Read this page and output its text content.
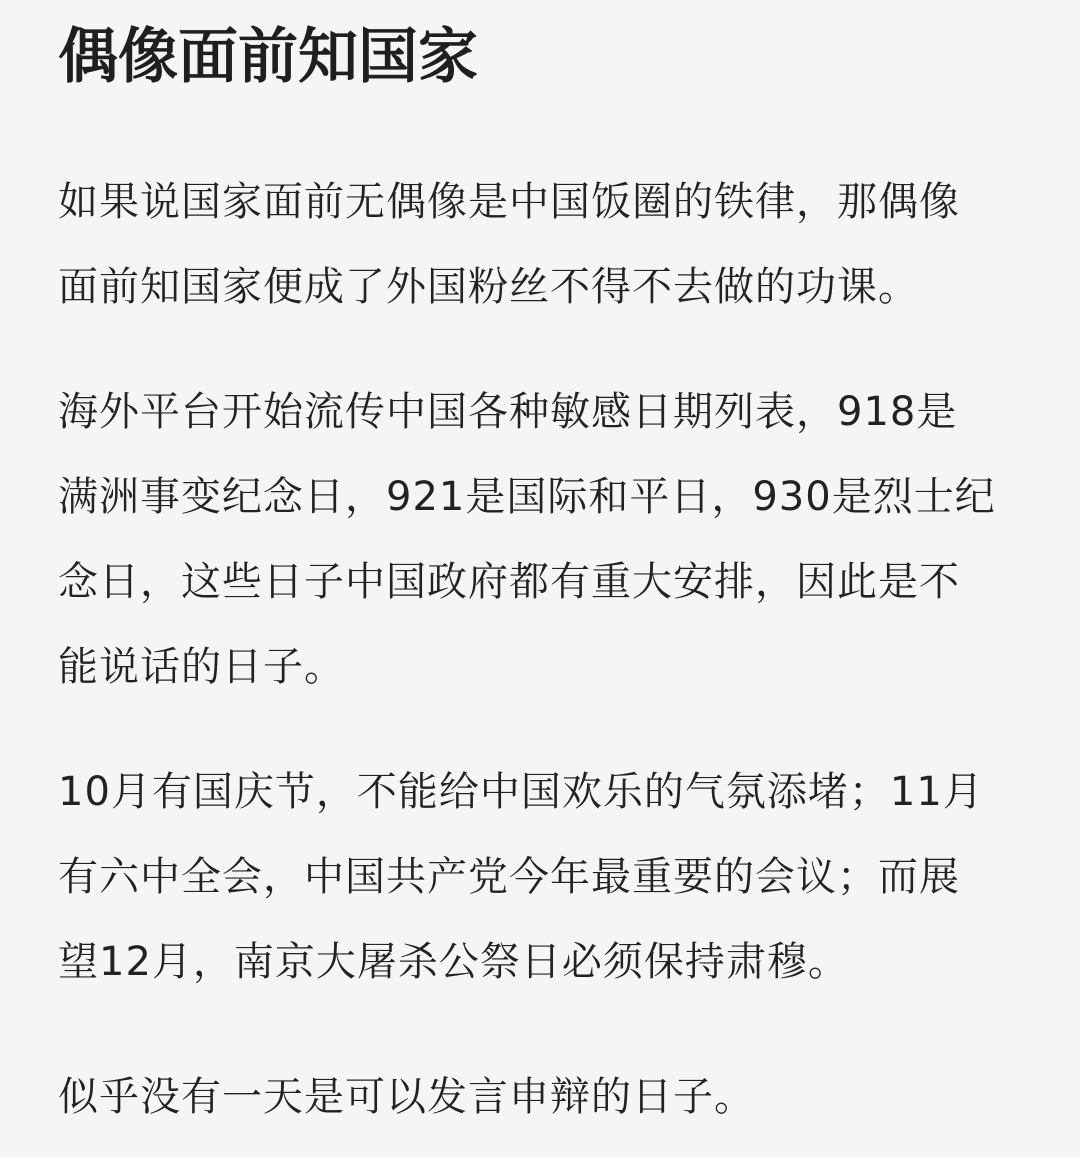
偶像面前知国家

如果说国家面前无偶像是中国饭圈的铁律，那偶像
面前知国家便成了外国粉丝不得不去做的功课。

海外平台开始流传中国各种敏感日期列表，918是
满洲事变纪念日，921是国际和平日，930是烈士纪
念日，这些日子中国政府都有重大安排，因此是不
能说话的日子。

10月有国庆节，不能给中国欢乐的气氛添堵；11月
有六中全会，中国共产党今年最重要的会议；而展
望12月，南京大屠杀公祭日必须保持肃穆。

似乎没有一天是可以发言申辩的日子。
